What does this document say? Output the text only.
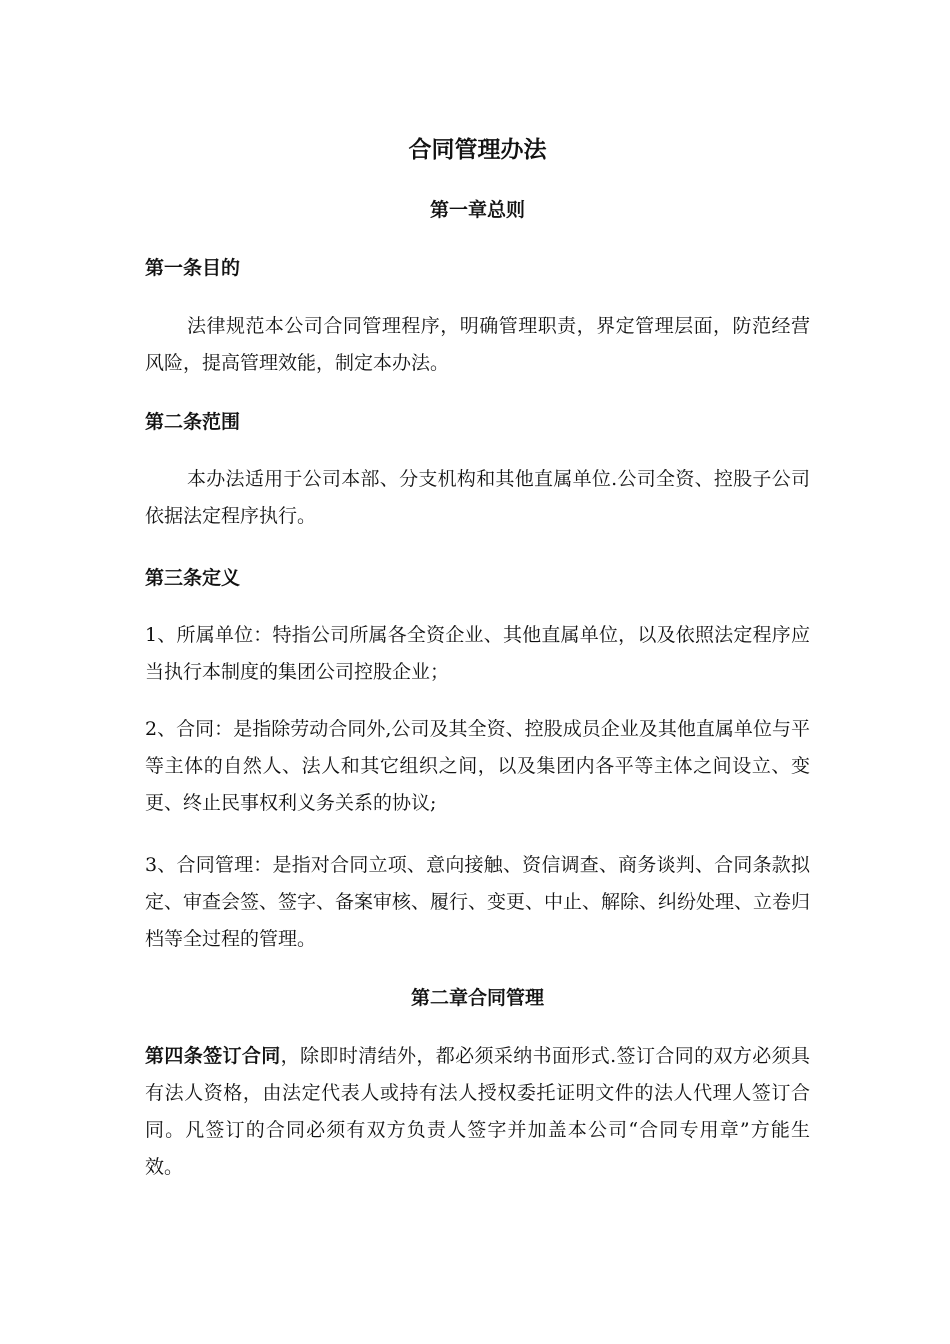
合同管理办法
第一章总则
第一条目的

法律规范本公司合同管理程序，明确管理职责，界定管理层面，防范经营风险，提高管理效能，制定本办法。

第二条范围

本办法适用于公司本部、分支机构和其他直属单位.公司全资、控股子公司依据法定程序执行。

第三条定义

1、所属单位：特指公司所属各全资企业、其他直属单位，以及依照法定程序应当执行本制度的集团公司控股企业；

2、合同：是指除劳动合同外,公司及其全资、控股成员企业及其他直属单位与平等主体的自然人、法人和其它组织之间，以及集团内各平等主体之间设立、变更、终止民事权利义务关系的协议;

3、合同管理：是指对合同立项、意向接触、资信调查、商务谈判、合同条款拟定、审查会签、签字、备案审核、履行、变更、中止、解除、纠纷处理、立卷归档等全过程的管理。

第二章合同管理

第四条签订合同，除即时清结外，都必须采纳书面形式.签订合同的双方必须具有法人资格，由法定代表人或持有法人授权委托证明文件的法人代理人签订合同。凡签订的合同必须有双方负责人签字并加盖本公司“合同专用章”方能生效。
